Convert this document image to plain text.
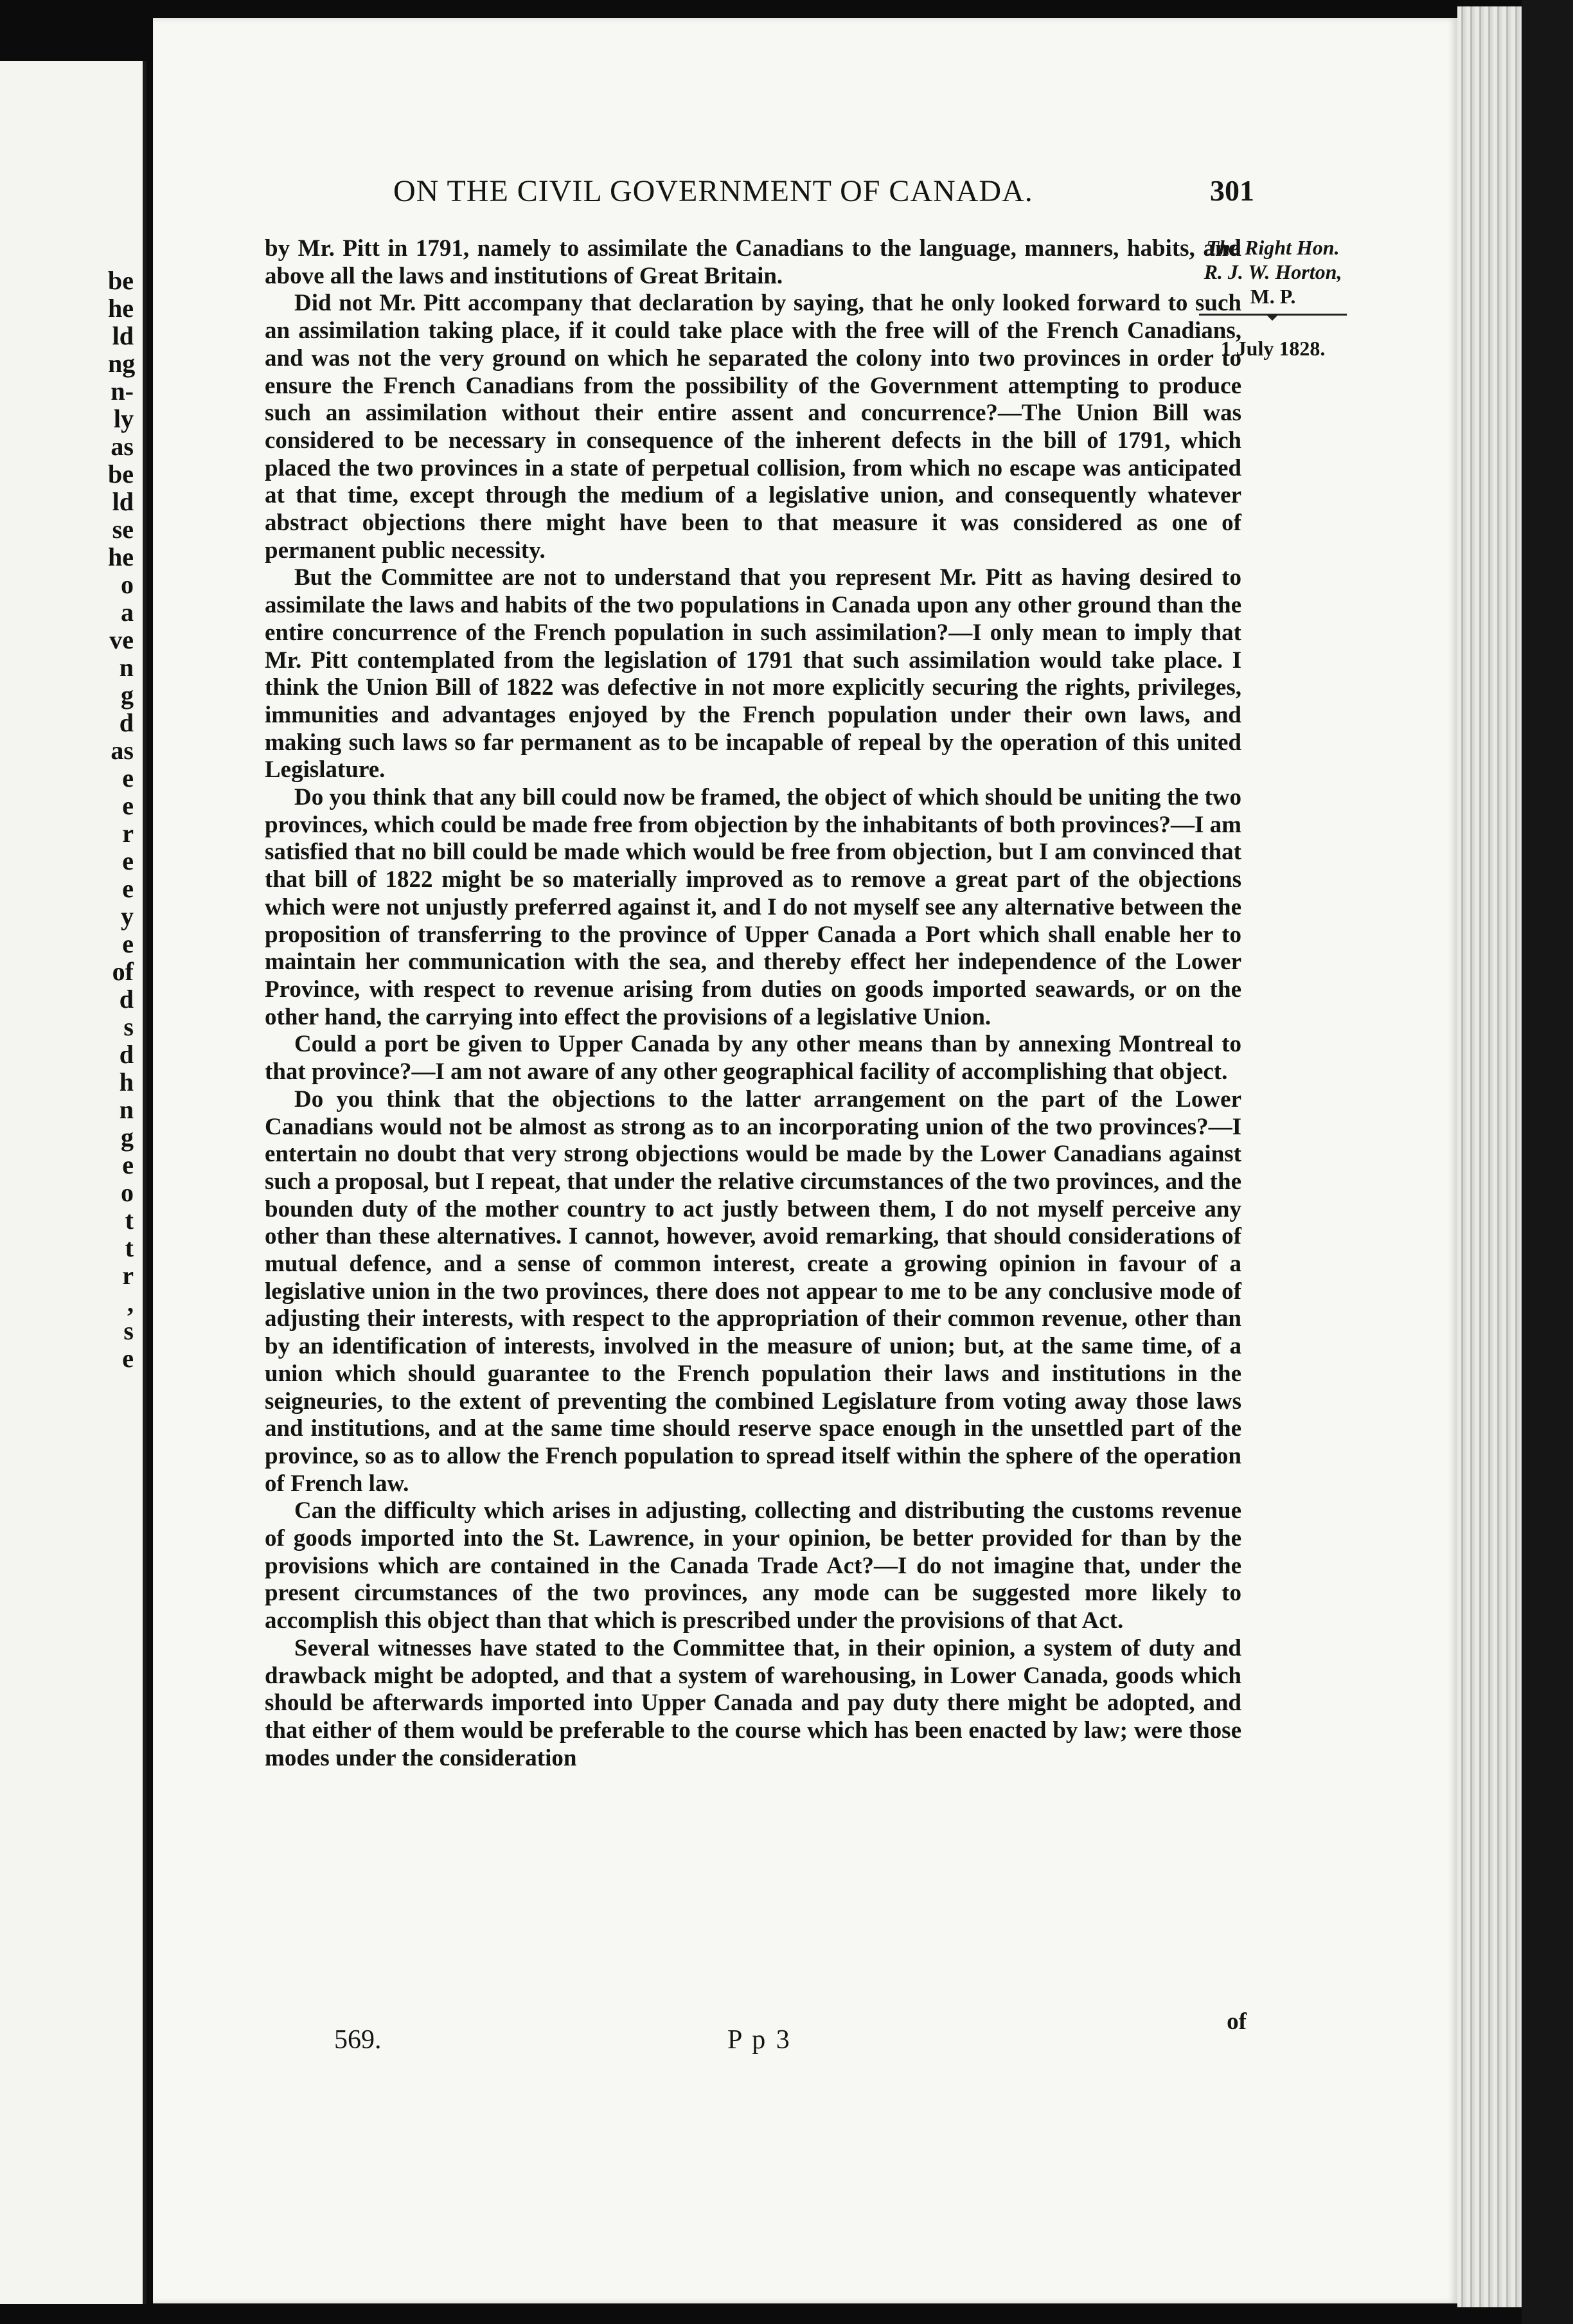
be
he
ld
ng
n-
ly
as
be
ld
se
he
o
a
ve
n
g
d
as
e
e
r
e
e
y
e
of
d
s
d
h
n
g
e
o
t
t
r
,
s
e
ON THE CIVIL GOVERNMENT OF CANADA.	301
The Right Hon.
R. J. W. Horton,
M. P.
1 July 1828.

by Mr. Pitt in 1791, namely to assimilate the Canadians to the language, manners, habits, and above all the laws and institutions of Great Britain.

Did not Mr. Pitt accompany that declaration by saying, that he only looked forward to such an assimilation taking place, if it could take place with the free will of the French Canadians, and was not the very ground on which he separated the colony into two provinces in order to ensure the French Canadians from the possibility of the Government attempting to produce such an assimilation without their entire assent and concurrence?—The Union Bill was considered to be necessary in consequence of the inherent defects in the bill of 1791, which placed the two provinces in a state of perpetual collision, from which no escape was anticipated at that time, except through the medium of a legislative union, and consequently whatever abstract objections there might have been to that measure it was considered as one of permanent public necessity.

But the Committee are not to understand that you represent Mr. Pitt as having desired to assimilate the laws and habits of the two populations in Canada upon any other ground than the entire concurrence of the French population in such assimilation?—I only mean to imply that Mr. Pitt contemplated from the legislation of 1791 that such assimilation would take place. I think the Union Bill of 1822 was defective in not more explicitly securing the rights, privileges, immunities and advantages enjoyed by the French population under their own laws, and making such laws so far permanent as to be incapable of repeal by the operation of this united Legislature.

Do you think that any bill could now be framed, the object of which should be uniting the two provinces, which could be made free from objection by the inhabitants of both provinces?—I am satisfied that no bill could be made which would be free from objection, but I am convinced that that bill of 1822 might be so materially improved as to remove a great part of the objections which were not unjustly preferred against it, and I do not myself see any alternative between the proposition of transferring to the province of Upper Canada a Port which shall enable her to maintain her communication with the sea, and thereby effect her independence of the Lower Province, with respect to revenue arising from duties on goods imported seawards, or on the other hand, the carrying into effect the provisions of a legislative Union.

Could a port be given to Upper Canada by any other means than by annexing Montreal to that province?—I am not aware of any other geographical facility of accomplishing that object.

Do you think that the objections to the latter arrangement on the part of the Lower Canadians would not be almost as strong as to an incorporating union of the two provinces?—I entertain no doubt that very strong objections would be made by the Lower Canadians against such a proposal, but I repeat, that under the relative circumstances of the two provinces, and the bounden duty of the mother country to act justly between them, I do not myself perceive any other than these alternatives. I cannot, however, avoid remarking, that should considerations of mutual defence, and a sense of common interest, create a growing opinion in favour of a legislative union in the two provinces, there does not appear to me to be any conclusive mode of adjusting their interests, with respect to the appropriation of their common revenue, other than by an identification of interests, involved in the measure of union; but, at the same time, of a union which should guarantee to the French population their laws and institutions in the seigneuries, to the extent of preventing the combined Legislature from voting away those laws and institutions, and at the same time should reserve space enough in the unsettled part of the province, so as to allow the French population to spread itself within the sphere of the operation of French law.

Can the difficulty which arises in adjusting, collecting and distributing the customs revenue of goods imported into the St. Lawrence, in your opinion, be better provided for than by the provisions which are contained in the Canada Trade Act?—I do not imagine that, under the present circumstances of the two provinces, any mode can be suggested more likely to accomplish this object than that which is prescribed under the provisions of that Act.

Several witnesses have stated to the Committee that, in their opinion, a system of duty and drawback might be adopted, and that a system of warehousing, in Lower Canada, goods which should be afterwards imported into Upper Canada and pay duty there might be adopted, and that either of them would be preferable to the course which has been enacted by law; were those modes under the consideration

569.	P p 3
of
